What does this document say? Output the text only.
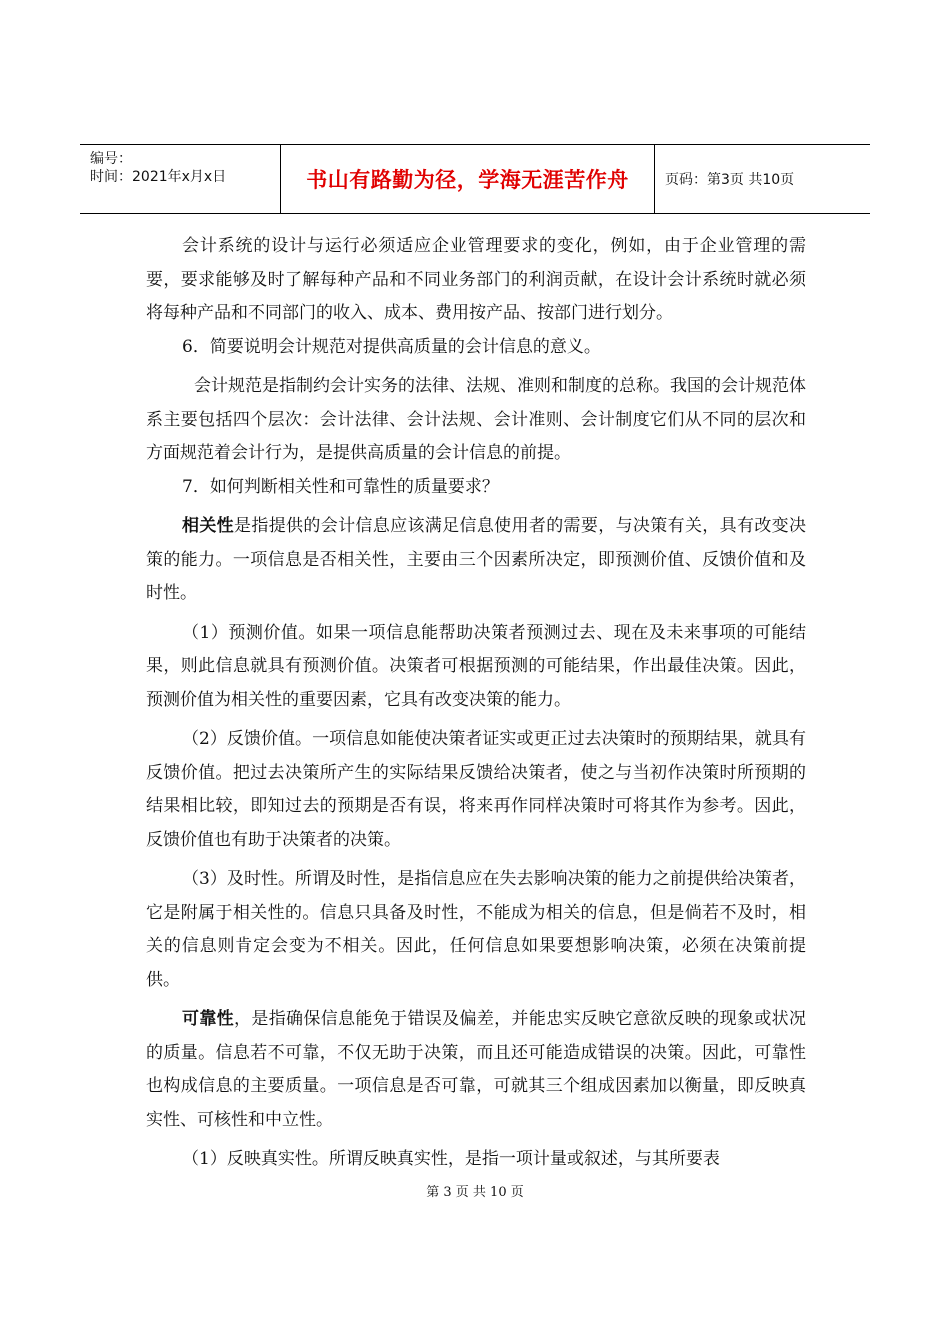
编号：
时间：2021年x月x日	书山有路勤为径，学海无涯苦作舟	页码：第3页 共10页

会计系统的设计与运行必须适应企业管理要求的变化，例如，由于企业管理的需要，要求能够及时了解每种产品和不同业务部门的利润贡献，在设计会计系统时就必须将每种产品和不同部门的收入、成本、费用按产品、按部门进行划分。

6．简要说明会计规范对提供高质量的会计信息的意义。

会计规范是指制约会计实务的法律、法规、准则和制度的总称。我国的会计规范体系主要包括四个层次：会计法律、会计法规、会计准则、会计制度它们从不同的层次和方面规范着会计行为，是提供高质量的会计信息的前提。

7．如何判断相关性和可靠性的质量要求？

相关性是指提供的会计信息应该满足信息使用者的需要，与决策有关，具有改变决策的能力。一项信息是否相关性，主要由三个因素所决定，即预测价值、反馈价值和及时性。

（1）预测价值。如果一项信息能帮助决策者预测过去、现在及未来事项的可能结果，则此信息就具有预测价值。决策者可根据预测的可能结果，作出最佳决策。因此，预测价值为相关性的重要因素，它具有改变决策的能力。

（2）反馈价值。一项信息如能使决策者证实或更正过去决策时的预期结果，就具有反馈价值。把过去决策所产生的实际结果反馈给决策者，使之与当初作决策时所预期的结果相比较，即知过去的预期是否有误，将来再作同样决策时可将其作为参考。因此，反馈价值也有助于决策者的决策。

（3）及时性。所谓及时性，是指信息应在失去影响决策的能力之前提供给决策者，它是附属于相关性的。信息只具备及时性，不能成为相关的信息，但是倘若不及时，相关的信息则肯定会变为不相关。因此，任何信息如果要想影响决策，必须在决策前提供。

可靠性，是指确保信息能免于错误及偏差，并能忠实反映它意欲反映的现象或状况的质量。信息若不可靠，不仅无助于决策，而且还可能造成错误的决策。因此，可靠性也构成信息的主要质量。一项信息是否可靠，可就其三个组成因素加以衡量，即反映真实性、可核性和中立性。

（1）反映真实性。所谓反映真实性，是指一项计量或叙述，与其所要表

第 3 页 共 10 页
